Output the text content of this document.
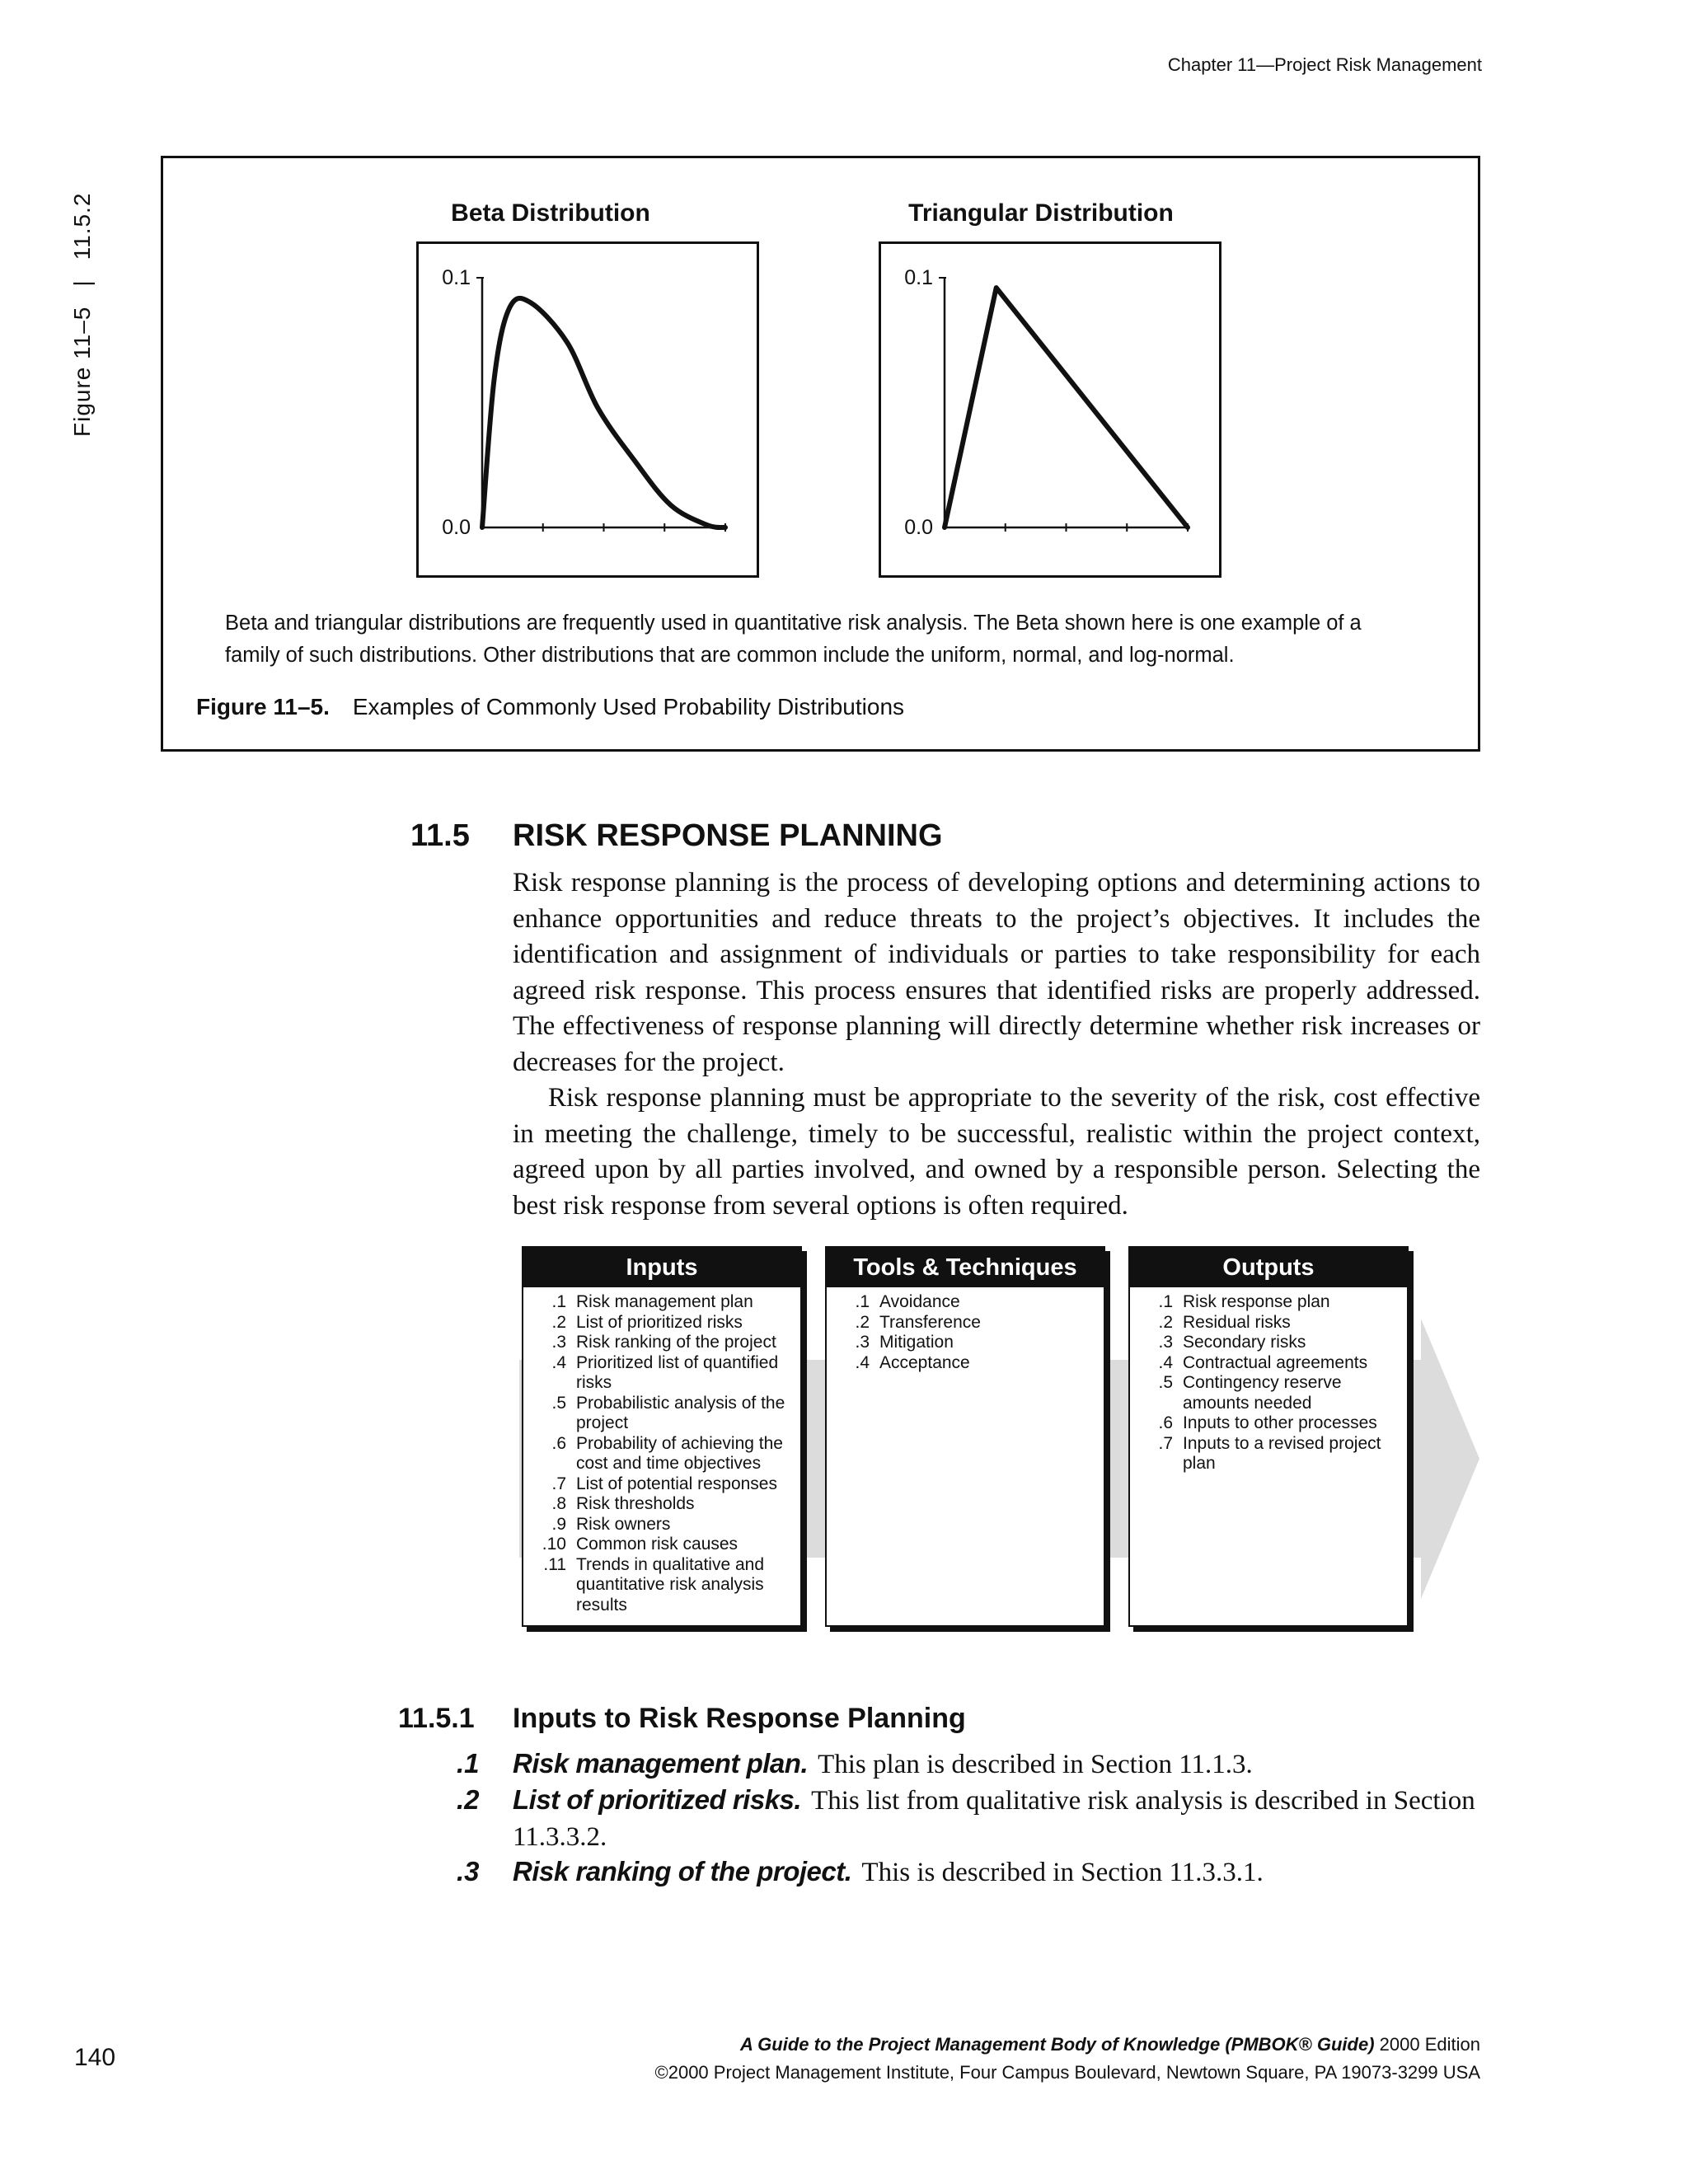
Chapter 11—Project Risk Management
Figure 11–5|11.5.2	Beta Distribution	Triangular Distribution
0.1
0.0
0.1
0.0
Beta and triangular distributions are frequently used in quantitative risk analysis. The Beta shown here is one example of a family of such distributions. Other distributions that are common include the uniform, normal, and log-normal.
Figure 11–5. Examples of Commonly Used Probability Distributions
11.5 RISK RESPONSE PLANNING
Risk response planning is the process of developing options and determining actions to enhance opportunities and reduce threats to the project’s objectives. It includes the identification and assignment of individuals or parties to take responsibility for each agreed risk response. This process ensures that identified risks are properly addressed. The effectiveness of response planning will directly determine whether risk increases or decreases for the project.
Risk response planning must be appropriate to the severity of the risk, cost effective in meeting the challenge, timely to be successful, realistic within the project context, agreed upon by all parties involved, and owned by a responsible person. Selecting the best risk response from several options is often required.
Inputs
.1 Risk management plan
.2 List of prioritized risks
.3 Risk ranking of the project
.4 Prioritized list of quantified risks
.5 Probabilistic analysis of the project
.6 Probability of achieving the cost and time objectives
.7 List of potential responses
.8 Risk thresholds
.9 Risk owners
.10 Common risk causes
.11 Trends in qualitative and quantitative risk analysis results
Tools & Techniques
.1 Avoidance
.2 Transference
.3 Mitigation
.4 Acceptance
Outputs
.1 Risk response plan
.2 Residual risks
.3 Secondary risks
.4 Contractual agreements
.5 Contingency reserve amounts needed
.6 Inputs to other processes
.7 Inputs to a revised project plan
11.5.1 Inputs to Risk Response Planning
.1 Risk management plan. This plan is described in Section 11.1.3.
.2 List of prioritized risks. This list from qualitative risk analysis is described in Section 11.3.3.2.
.3 Risk ranking of the project. This is described in Section 11.3.3.1.
140	A Guide to the Project Management Body of Knowledge (PMBOK® Guide) 2000 Edition
©2000 Project Management Institute, Four Campus Boulevard, Newtown Square, PA 19073-3299 USA
